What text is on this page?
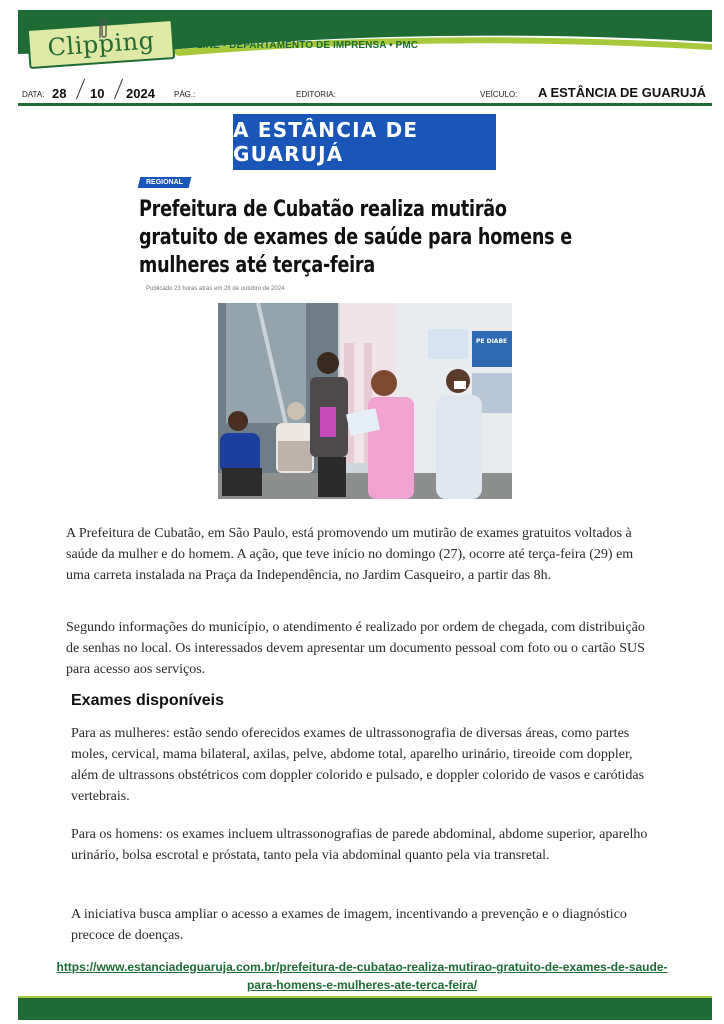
Clipping ON-LINE • DEPARTAMENTO DE IMPRENSA • PMC
DATA: 28 10 2024 PÁG.:	EDITORIA:	VEÍCULO: A ESTÂNCIA DE GUARUJÁ
A ESTÂNCIA DE GUARUJÁ
REGIONAL
Prefeitura de Cubatão realiza mutirão gratuito de exames de saúde para homens e mulheres até terça-feira
Publicado 23 horas atrás em 28 de outubro de 2024
PE DIABE

A Prefeitura de Cubatão, em São Paulo, está promovendo um mutirão de exames gratuitos voltados à saúde da mulher e do homem. A ação, que teve início no domingo (27), ocorre até terça-feira (29) em uma carreta instalada na Praça da Independência, no Jardim Casqueiro, a partir das 8h.

Segundo informações do município, o atendimento é realizado por ordem de chegada, com distribuição de senhas no local. Os interessados devem apresentar um documento pessoal com foto ou o cartão SUS para acesso aos serviços.

Exames disponíveis

Para as mulheres: estão sendo oferecidos exames de ultrassonografia de diversas áreas, como partes moles, cervical, mama bilateral, axilas, pelve, abdome total, aparelho urinário, tireoide com doppler, além de ultrassons obstétricos com doppler colorido e pulsado, e doppler colorido de vasos e carótidas vertebrais.

Para os homens: os exames incluem ultrassonografias de parede abdominal, abdome superior, aparelho urinário, bolsa escrotal e próstata, tanto pela via abdominal quanto pela via transretal.

A iniciativa busca ampliar o acesso a exames de imagem, incentivando a prevenção e o diagnóstico precoce de doenças.

https://www.estanciadeguaruja.com.br/prefeitura-de-cubatao-realiza-mutirao-gratuito-de-exames-de-saude-para-homens-e-mulheres-ate-terca-feira/
